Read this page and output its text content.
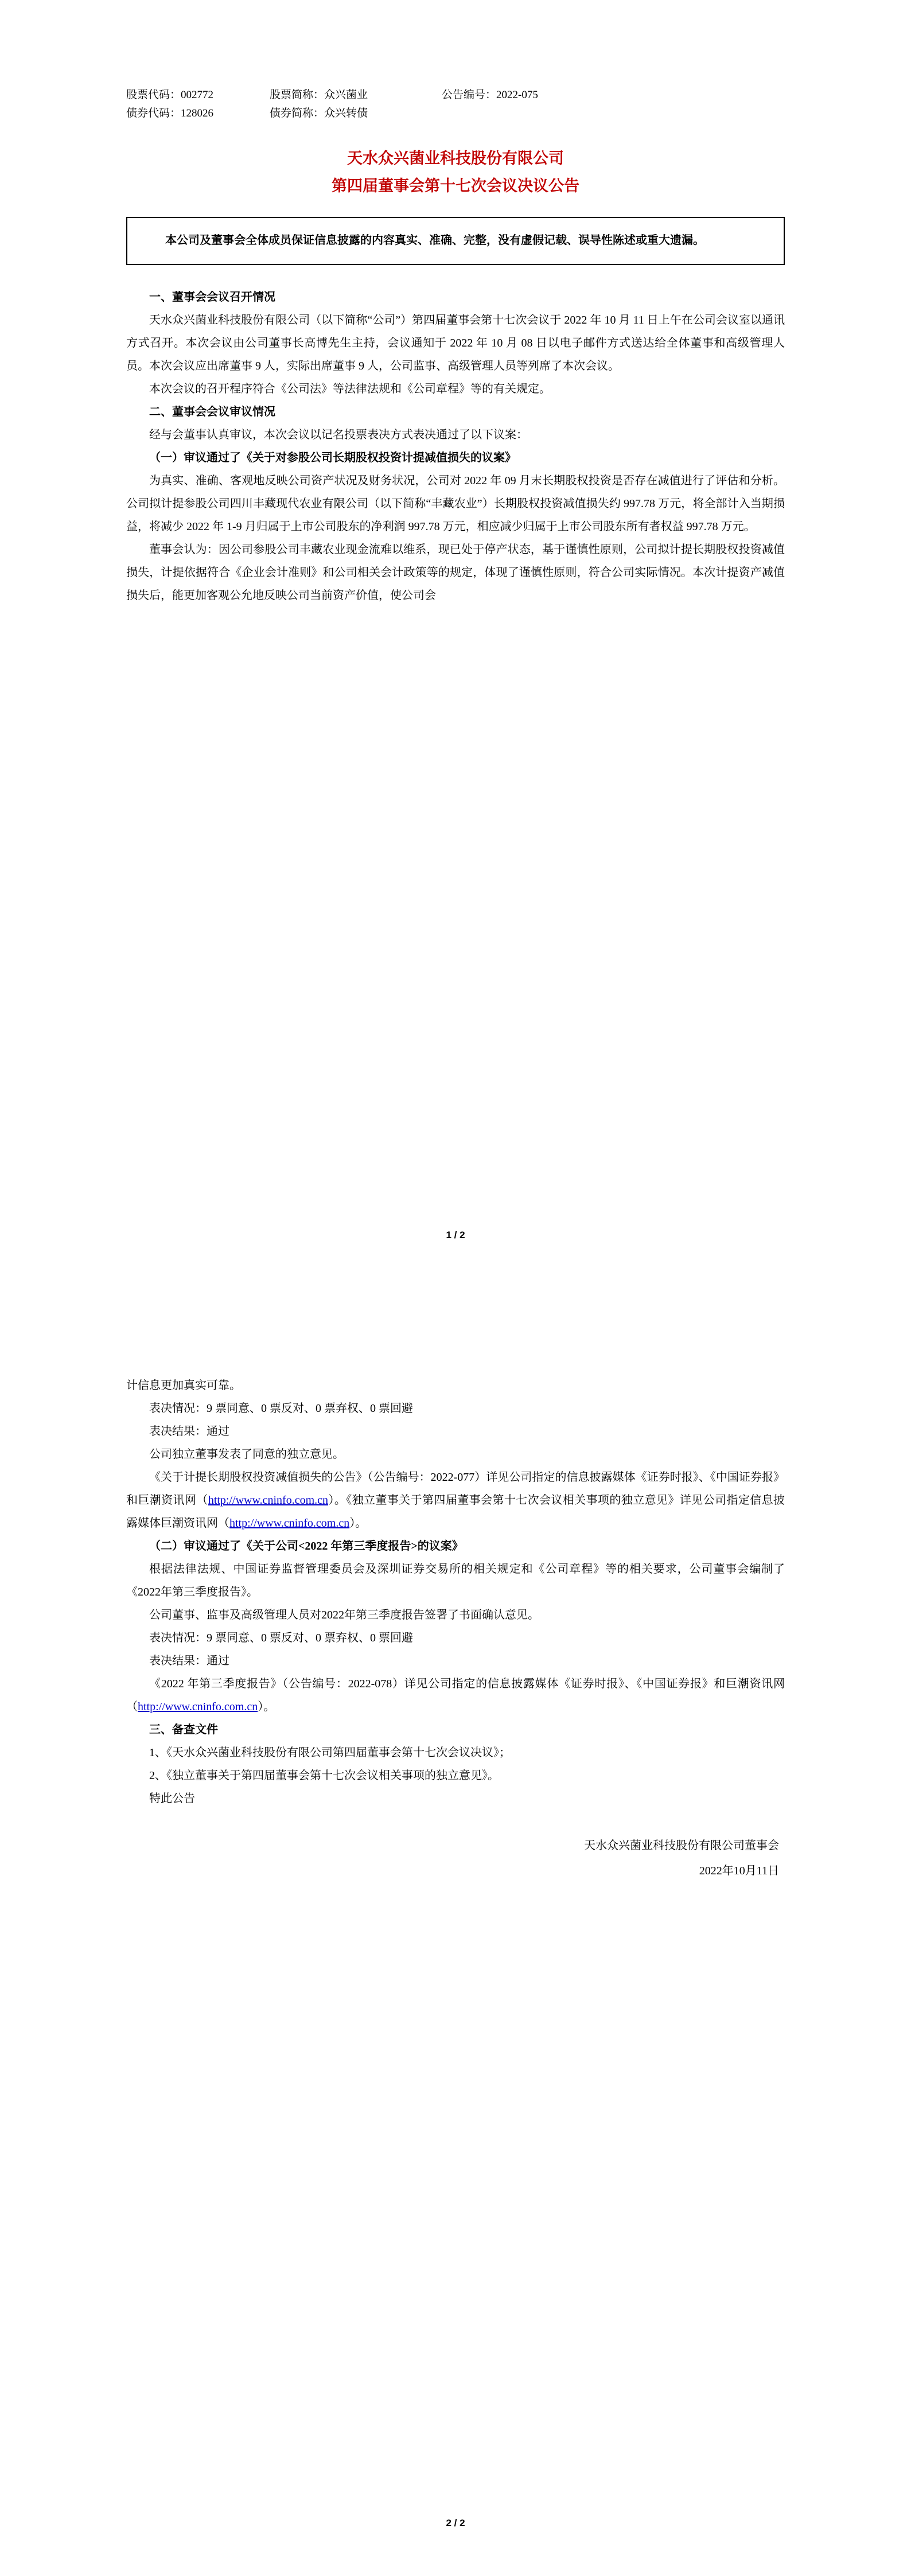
股票代码：002772
债券代码：128026
股票简称：众兴菌业
债券简称：众兴转债
公告编号：2022-075
天水众兴菌业科技股份有限公司
第四届董事会第十七次会议决议公告

本公司及董事会全体成员保证信息披露的内容真实、准确、完整，没有虚假记载、误导性陈述或重大遗漏。

一、董事会会议召开情况

天水众兴菌业科技股份有限公司（以下简称“公司”）第四届董事会第十七次会议于 2022 年 10 月 11 日上午在公司会议室以通讯方式召开。本次会议由公司董事长高博先生主持，会议通知于 2022 年 10 月 08 日以电子邮件方式送达给全体董事和高级管理人员。本次会议应出席董事 9 人，实际出席董事 9 人，公司监事、高级管理人员等列席了本次会议。

本次会议的召开程序符合《公司法》等法律法规和《公司章程》等的有关规定。

二、董事会会议审议情况

经与会董事认真审议，本次会议以记名投票表决方式表决通过了以下议案：

（一）审议通过了《关于对参股公司长期股权投资计提减值损失的议案》

为真实、准确、客观地反映公司资产状况及财务状况，公司对 2022 年 09 月末长期股权投资是否存在减值进行了评估和分析。公司拟计提参股公司四川丰藏现代农业有限公司（以下简称“丰藏农业”）长期股权投资减值损失约 997.78 万元，将全部计入当期损益，将减少 2022 年 1-9 月归属于上市公司股东的净利润 997.78 万元，相应减少归属于上市公司股东所有者权益 997.78 万元。

董事会认为：因公司参股公司丰藏农业现金流难以维系，现已处于停产状态，基于谨慎性原则，公司拟计提长期股权投资减值损失，计提依据符合《企业会计准则》和公司相关会计政策等的规定，体现了谨慎性原则，符合公司实际情况。本次计提资产减值损失后，能更加客观公允地反映公司当前资产价值，使公司会

1 / 2

计信息更加真实可靠。

表决情况：9 票同意、0 票反对、0 票弃权、0 票回避

表决结果：通过

公司独立董事发表了同意的独立意见。

《关于计提长期股权投资减值损失的公告》（公告编号：2022-077）详见公司指定的信息披露媒体《证券时报》、《中国证券报》和巨潮资讯网（http://www.cninfo.com.cn）。《独立董事关于第四届董事会第十七次会议相关事项的独立意见》详见公司指定信息披露媒体巨潮资讯网（http://www.cninfo.com.cn）。

（二）审议通过了《关于公司<2022 年第三季度报告>的议案》

根据法律法规、中国证券监督管理委员会及深圳证券交易所的相关规定和《公司章程》等的相关要求，公司董事会编制了《2022年第三季度报告》。

公司董事、监事及高级管理人员对2022年第三季度报告签署了书面确认意见。

表决情况：9 票同意、0 票反对、0 票弃权、0 票回避

表决结果：通过

《2022 年第三季度报告》（公告编号：2022-078）详见公司指定的信息披露媒体《证券时报》、《中国证券报》和巨潮资讯网（http://www.cninfo.com.cn）。

三、备查文件

1、《天水众兴菌业科技股份有限公司第四届董事会第十七次会议决议》；

2、《独立董事关于第四届董事会第十七次会议相关事项的独立意见》。

特此公告

天水众兴菌业科技股份有限公司董事会
2022年10月11日
2 / 2
